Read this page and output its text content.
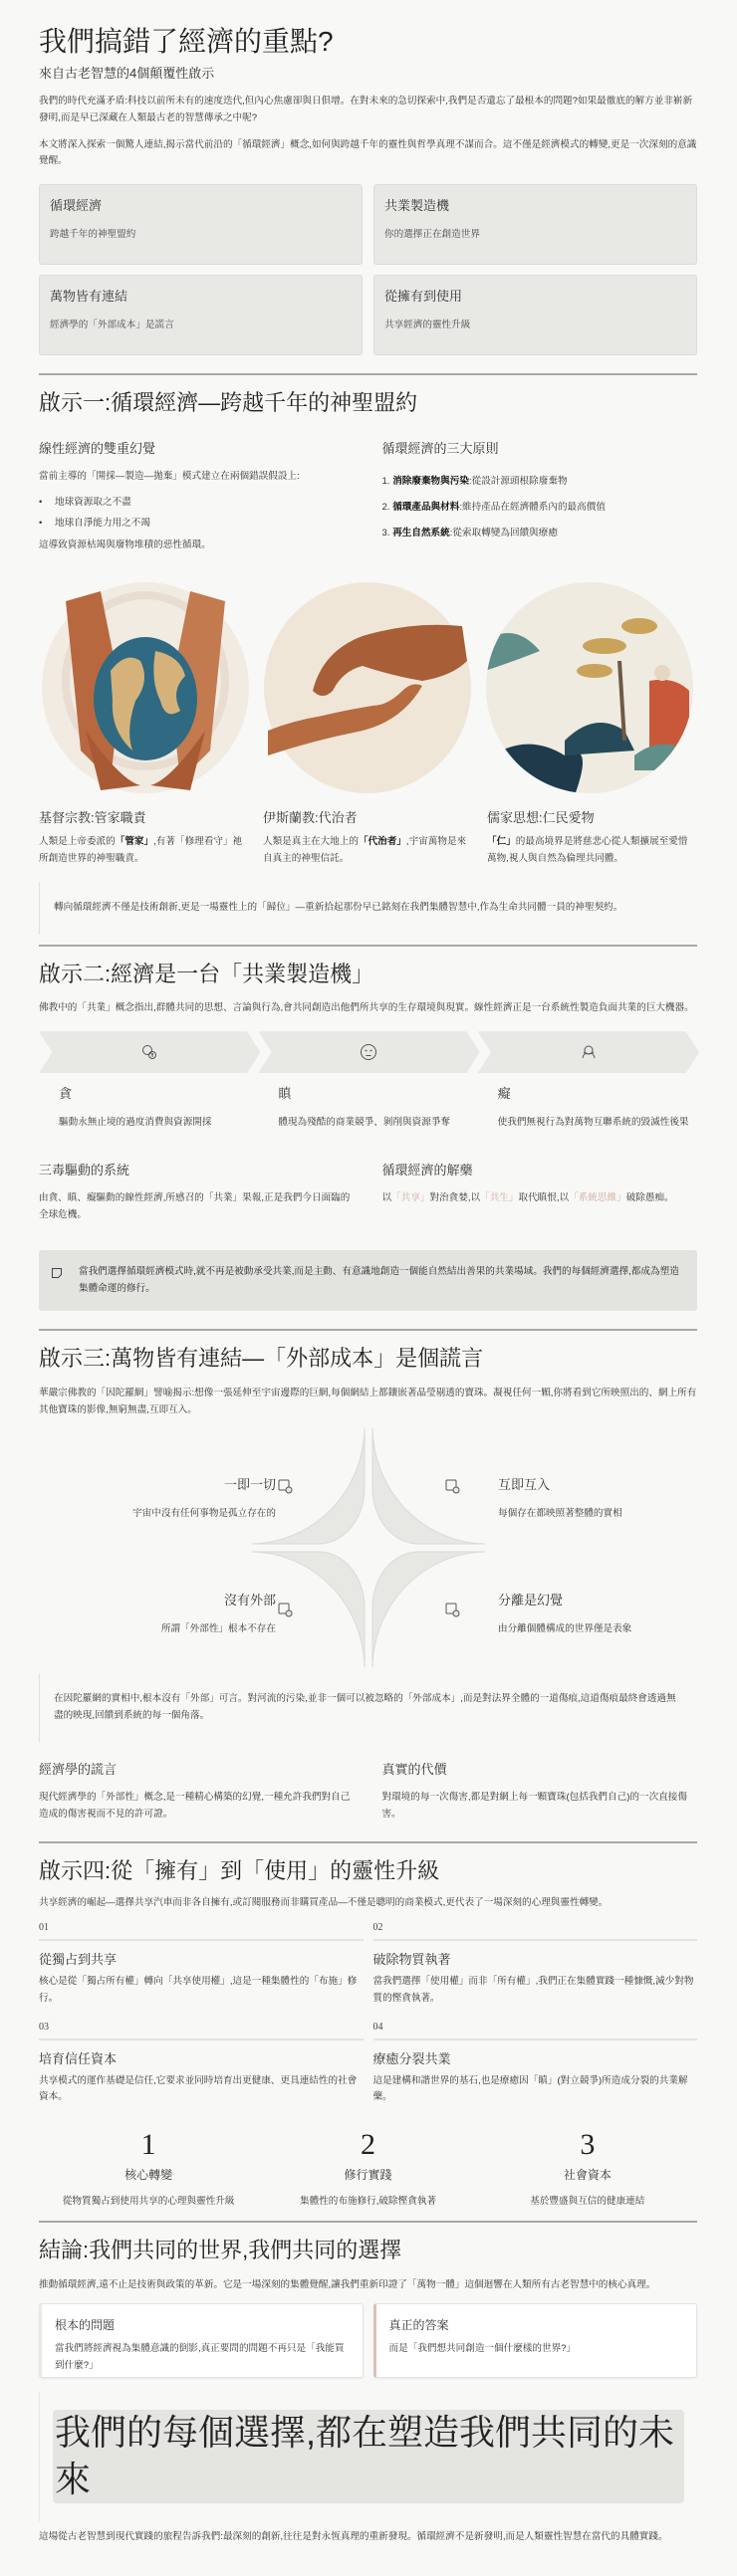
我們搞錯了經濟的重點?
來自古老智慧的4個顛覆性啟示

我們的時代充滿矛盾:科技以前所未有的速度迭代,但內心焦慮卻與日俱增。在對未來的急切探索中,我們是否遺忘了最根本的問題?如果最徹底的解方並非嶄新發明,而是早已深藏在人類最古老的智慧傳承之中呢?

本文將深入探索一個驚人連結,揭示當代前沿的「循環經濟」概念,如何與跨越千年的靈性與哲學真理不謀而合。這不僅是經濟模式的轉變,更是一次深刻的意識覺醒。

循環經濟
跨越千年的神聖盟約
共業製造機
你的選擇正在創造世界
萬物皆有連結
經濟學的「外部成本」是謊言
從擁有到使用
共享經濟的靈性升級
啟示一:循環經濟—跨越千年的神聖盟約
線性經濟的雙重幻覺

當前主導的「開採—製造—拋棄」模式建立在兩個錯誤假設上:

• 地球資源取之不盡
• 地球自淨能力用之不竭

這導致資源枯竭與廢物堆積的惡性循環。

循環經濟的三大原則
1. 消除廢棄物與污染:從設計源頭根除廢棄物
2. 循環產品與材料:維持產品在經濟體系內的最高價值
3. 再生自然系統:從索取轉變為回饋與療癒
基督宗教:管家職責

人類是上帝委派的「管家」,有著「修理看守」祂所創造世界的神聖職責。

伊斯蘭教:代治者

人類是真主在大地上的「代治者」,宇宙萬物是來自真主的神聖信託。

儒家思想:仁民愛物

「仁」的最高境界是將慈悲心從人類擴展至愛惜萬物,視人與自然為倫理共同體。

轉向循環經濟不僅是技術創新,更是一場靈性上的「歸位」—重新拾起那份早已銘刻在我們集體智慧中,作為生命共同體一員的神聖契約。

啟示二:經濟是一台「共業製造機」

佛教中的「共業」概念指出,群體共同的思想、言論與行為,會共同創造出他們所共享的生存環境與現實。線性經濟正是一台系統性製造負面共業的巨大機器。

貪
驅動永無止境的過度消費與資源開採
瞋
體現為殘酷的商業競爭、剝削與資源爭奪
癡
使我們無視行為對萬物互聯系統的毀滅性後果
三毒驅動的系統

由貪、瞋、癡驅動的線性經濟,所感召的「共業」果報,正是我們今日面臨的全球危機。

循環經濟的解藥

以「共享」對治貪婪,以「共生」取代瞋恨,以「系統思維」破除愚痴。

當我們選擇循環經濟模式時,就不再是被動承受共業,而是主動、有意識地創造一個能自然結出善果的共業場域。我們的每個經濟選擇,都成為塑造集體命運的修行。

啟示三:萬物皆有連結—「外部成本」是個謊言

華嚴宗佛教的「因陀羅網」譬喻揭示:想像一張延伸至宇宙邊際的巨網,每個網結上都鑲嵌著晶瑩剔透的寶珠。凝視任何一顆,你將看到它所映照出的、網上所有其他寶珠的影像,無窮無盡,互即互入。

一即一切
宇宙中沒有任何事物是孤立存在的
互即互入
每個存在都映照著整體的實相
沒有外部
所謂「外部性」根本不存在
分離是幻覺
由分離個體構成的世界僅是表象

在因陀羅網的實相中,根本沒有「外部」可言。對河流的污染,並非一個可以被忽略的「外部成本」,而是對法界全體的一道傷痕,這道傷痕最終會透過無盡的映現,回饋到系統的每一個角落。

經濟學的謊言

現代經濟學的「外部性」概念,是一種精心構築的幻覺,一種允許我們對自己造成的傷害視而不見的許可證。

真實的代價

對環境的每一次傷害,都是對網上每一顆寶珠(包括我們自己)的一次直接傷害。

啟示四:從「擁有」到「使用」的靈性升級

共享經濟的崛起—選擇共享汽車而非各自擁有,或訂閱服務而非購買產品—不僅是聰明的商業模式,更代表了一場深刻的心理與靈性轉變。

01
從獨占到共享

核心是從「獨占所有權」轉向「共享使用權」,這是一種集體性的「布施」修行。

02
破除物質執著

當我們選擇「使用權」而非「所有權」,我們正在集體實踐一種慷慨,減少對物質的慳貪執著。

03
培育信任資本

共享模式的運作基礎是信任,它要求並同時培育出更健康、更具連結性的社會資本。

04
療癒分裂共業

這是建構和諧世界的基石,也是療癒因「瞋」(對立競爭)所造成分裂的共業解藥。

1
核心轉變
從物質獨占到使用共享的心理與靈性升級
2
修行實踐
集體性的布施修行,破除慳貪執著
3
社會資本
基於豐盛與互信的健康連結
結論:我們共同的世界,我們共同的選擇

推動循環經濟,遠不止是技術與政策的革新。它是一場深刻的集體覺醒,讓我們重新印證了「萬物一體」這個迴響在人類所有古老智慧中的核心真理。

根本的問題

當我們將經濟視為集體意識的倒影,真正要問的問題不再只是「我能買到什麼?」

真正的答案

而是「我們想共同創造一個什麼樣的世界?」

我們的每個選擇,都在塑造我們共同的未來

這場從古老智慧到現代實踐的旅程告訴我們:最深刻的創新,往往是對永恆真理的重新發現。循環經濟不是新發明,而是人類靈性智慧在當代的具體實踐。
